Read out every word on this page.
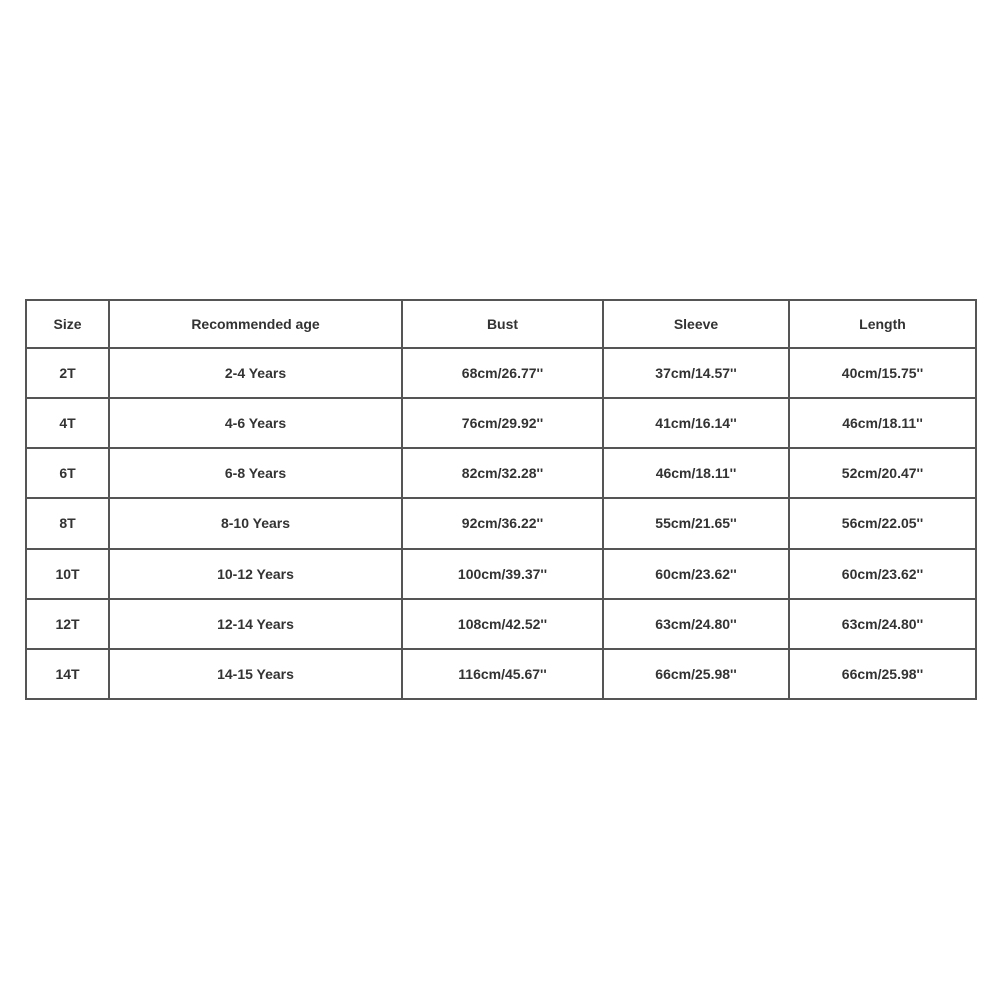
Size	Recommended age	Bust	Sleeve	Length
2T	2-4 Years	68cm/26.77''	37cm/14.57''	40cm/15.75''
4T	4-6 Years	76cm/29.92''	41cm/16.14''	46cm/18.11''
6T	6-8 Years	82cm/32.28''	46cm/18.11''	52cm/20.47''
8T	8-10 Years	92cm/36.22''	55cm/21.65''	56cm/22.05''
10T	10-12 Years	100cm/39.37''	60cm/23.62''	60cm/23.62''
12T	12-14 Years	108cm/42.52''	63cm/24.80''	63cm/24.80''
14T	14-15 Years	116cm/45.67''	66cm/25.98''	66cm/25.98''
